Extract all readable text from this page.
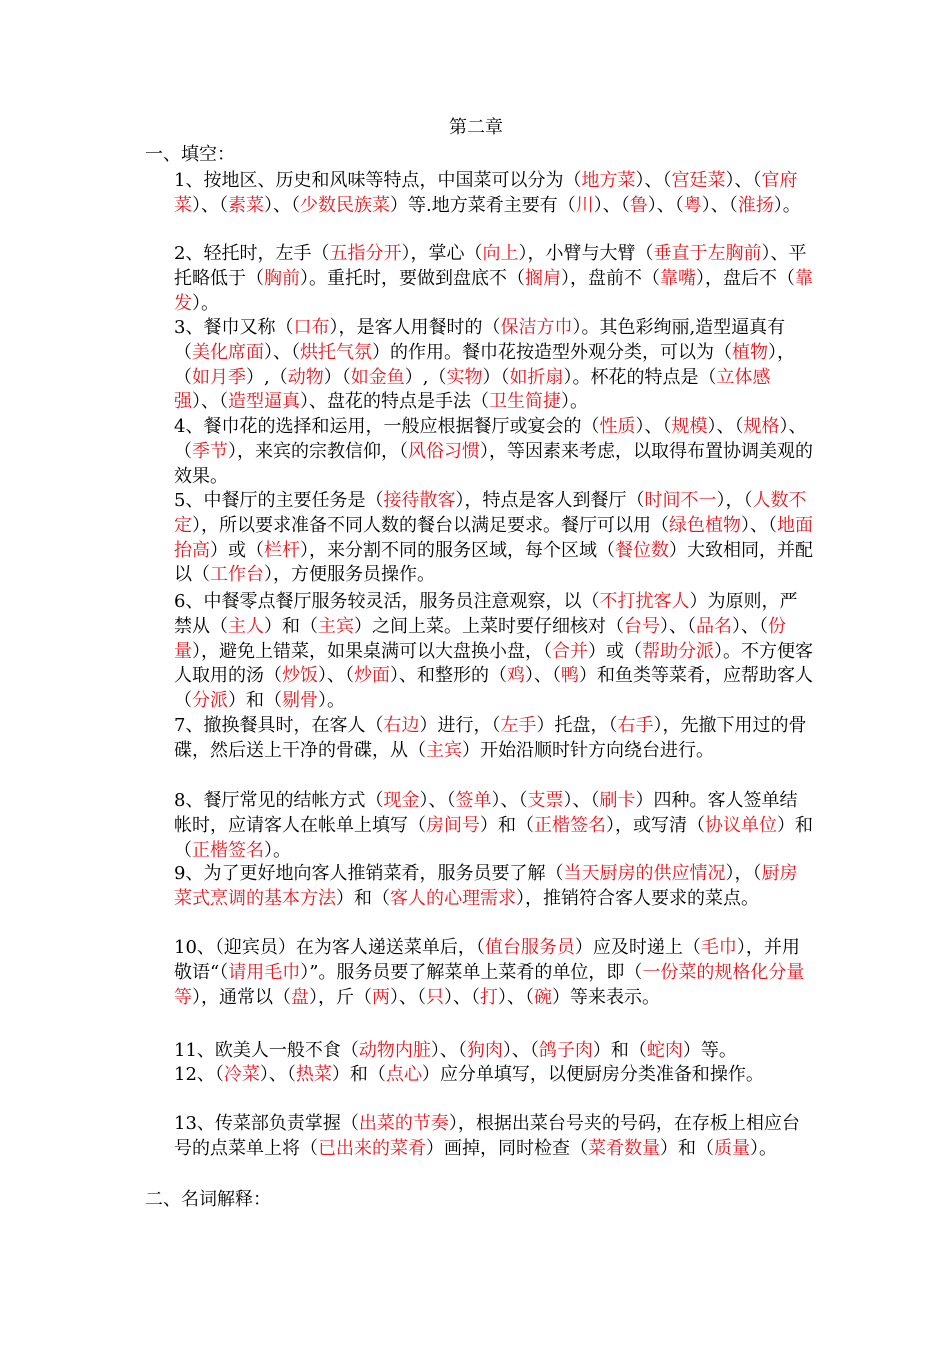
第二章
一、填空：

1、按地区、历史和风味等特点，中国菜可以分为（地方菜）、（宫廷菜）、（官府菜）、（素菜）、（少数民族菜）等.地方菜肴主要有（川）、（鲁）、（粤）、（淮扬）。

2、轻托时，左手（五指分开），掌心（向上），小臂与大臂（垂直于左胸前）、平托略低于（胸前）。重托时，要做到盘底不（搁肩），盘前不（靠嘴），盘后不（靠发）。

3、餐巾又称（口布），是客人用餐时的（保洁方巾）。其色彩绚丽,造型逼真有（美化席面）、（烘托气氛）的作用。餐巾花按造型外观分类，可以为（植物），（如月季）,（动物）（如金鱼）,（实物）（如折扇）。杯花的特点是（立体感强）、（造型逼真）、盘花的特点是手法（卫生简捷）。

4、餐巾花的选择和运用，一般应根据餐厅或宴会的（性质）、（规模）、（规格）、（季节），来宾的宗教信仰，（风俗习惯），等因素来考虑，以取得布置协调美观的效果。

5、中餐厅的主要任务是（接待散客），特点是客人到餐厅（时间不一），（人数不定），所以要求准备不同人数的餐台以满足要求。餐厅可以用（绿色植物）、（地面抬高）或（栏杆），来分割不同的服务区域，每个区域（餐位数）大致相同，并配以（工作台），方便服务员操作。

6、中餐零点餐厅服务较灵活，服务员注意观察，以（不打扰客人）为原则，严禁从（主人）和（主宾）之间上菜。上菜时要仔细核对（台号）、（品名）、（份量），避免上错菜，如果桌满可以大盘换小盘，（合并）或（帮助分派）。不方便客人取用的汤（炒饭）、（炒面）、和整形的（鸡）、（鸭）和鱼类等菜肴，应帮助客人（分派）和（剔骨）。

7、撤换餐具时，在客人（右边）进行，（左手）托盘，（右手），先撤下用过的骨碟，然后送上干净的骨碟，从（主宾）开始沿顺时针方向绕台进行。

8、餐厅常见的结帐方式（现金）、（签单）、（支票）、（刷卡）四种。客人签单结帐时，应请客人在帐单上填写（房间号）和（正楷签名），或写清（协议单位）和（正楷签名）。

9、为了更好地向客人推销菜肴，服务员要了解（当天厨房的供应情况），（厨房菜式烹调的基本方法）和（客人的心理需求），推销符合客人要求的菜点。

10、（迎宾员）在为客人递送菜单后，（值台服务员）应及时递上（毛巾），并用敬语“（请用毛巾）”。服务员要了解菜单上菜肴的单位，即（一份菜的规格化分量等），通常以（盘），斤（两）、（只）、（打）、（碗）等来表示。

11、欧美人一般不食（动物内脏）、（狗肉）、（鸽子肉）和（蛇肉）等。

12、（冷菜）、（热菜）和（点心）应分单填写，以便厨房分类准备和操作。

13、传菜部负责掌握（出菜的节奏），根据出菜台号夹的号码，在存板上相应台号的点菜单上将（已出来的菜肴）画掉，同时检查（菜肴数量）和（质量）。

二、名词解释：
